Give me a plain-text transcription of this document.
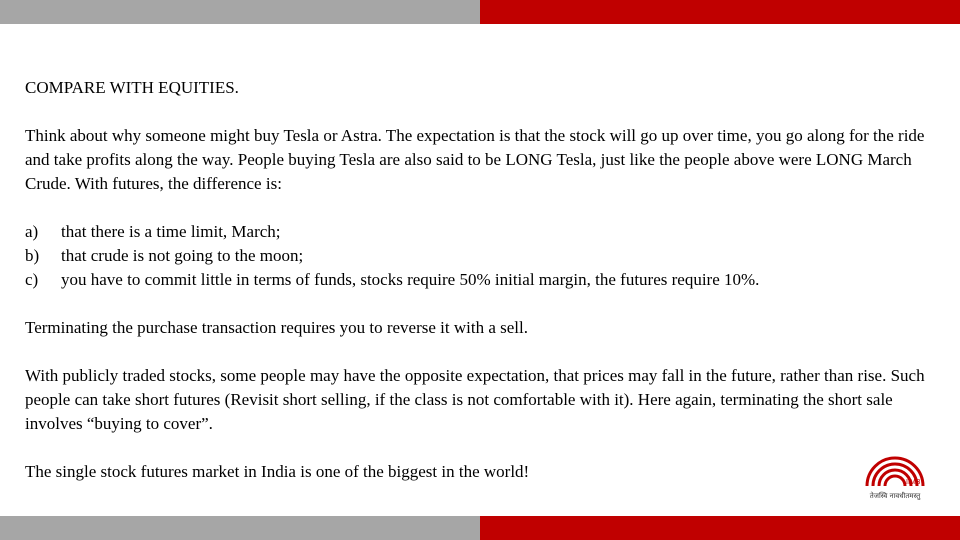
COMPARE WITH EQUITIES.

Think about why someone might buy Tesla or Astra. The expectation is that the stock will go up over time, you go along for the ride and take profits along the way. People buying Tesla are also said to be LONG Tesla, just like the people above were LONG March Crude. With futures, the difference is:

a)	that there is a time limit, March;
b)	that crude is not going to the moon;
c)	you have to commit little in terms of funds, stocks require 50% initial margin, the futures require 10%.

Terminating the purchase transaction requires you to reverse it with a sell.

With publicly traded stocks, some people may have the opposite expectation, that prices may fall in the future, rather than rise. Such people can take short futures (Revisit short selling, if the class is not comfortable with it). Here again, terminating the short sale involves “buying to cover”.

The single stock futures market in India is one of the biggest in the world!

IIMB
तेजस्वि नावधीतमस्तु
